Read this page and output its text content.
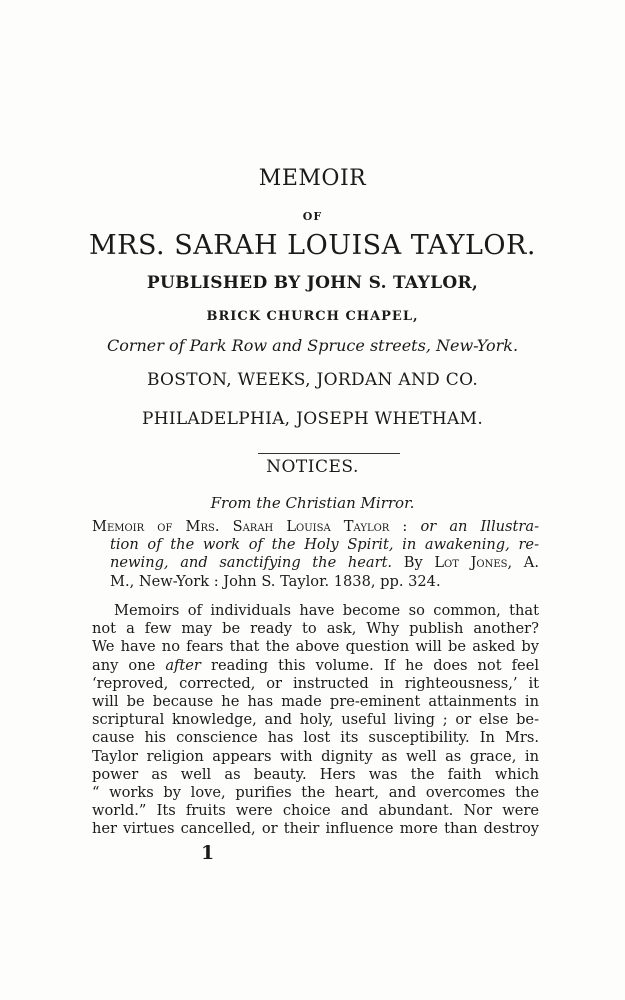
MEMOIR
OF
MRS. SARAH LOUISA TAYLOR.
PUBLISHED BY JOHN S. TAYLOR,
BRICK CHURCH CHAPEL,
Corner of Park Row and Spruce streets, New-York.
BOSTON, WEEKS, JORDAN AND CO.
PHILADELPHIA, JOSEPH WHETHAM.
NOTICES.
From the Christian Mirror.
Memoir of Mrs. Sarah Louisa Taylor : or an Illustra-
tion of the work of the Holy Spirit, in awakening, re-
newing, and sanctifying the heart. By Lot Jones, A.
M., New-York : John S. Taylor. 1838, pp. 324.
Memoirs of individuals have become so common, that
not a few may be ready to ask, Why publish another?
We have no fears that the above question will be asked by
any one after reading this volume. If he does not feel
‘reproved, corrected, or instructed in righteousness,’ it
will be because he has made pre-eminent attainments in
scriptural knowledge, and holy, useful living ; or else be-
cause his conscience has lost its susceptibility. In Mrs.
Taylor religion appears with dignity as well as grace, in
power as well as beauty. Hers was the faith which
“ works by love, purifies the heart, and overcomes the
world.” Its fruits were choice and abundant. Nor were
her virtues cancelled, or their influence more than destroy
1
